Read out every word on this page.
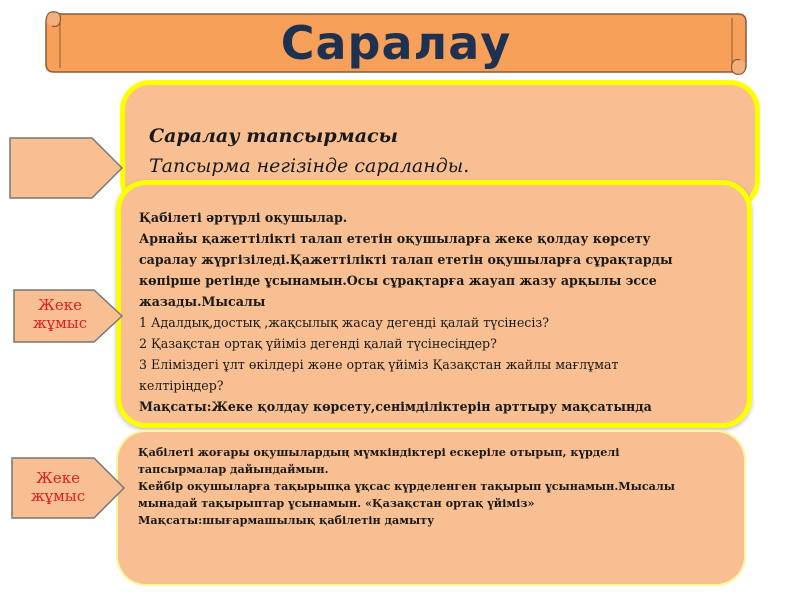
Саралау
Саралау тапсырмасы
Тапсырма негізінде сараланды.
Қабілеті әртүрлі оқушылар.
Арнайы қажеттілікті талап ететін оқушыларға жеке қолдау көрсету
саралау жүргізіледі.Қажеттілікті талап ететін оқушыларға сұрақтарды
көпірше ретінде ұсынамын.Осы сұрақтарға жауап жазу арқылы эссе
жазады.Мысалы
1 Адалдық,достық ,жақсылық жасау дегенді қалай түсінесіз?
2 Қазақстан ортақ үйіміз дегенді қалай түсінесіңдер?
3 Еліміздегі ұлт өкілдері және ортақ үйіміз Қазақстан жайлы мағлұмат
келтіріңдер?
Мақсаты:Жеке қолдау көрсету,сенімділіктерін арттыру мақсатында
Қабілеті жоғары оқушылардың мүмкіндіктері ескеріле отырып, күрделі
тапсырмалар дайындаймын.
Кейбір оқушыларға тақырыпқа ұқсас күрделенген тақырып ұсынамын.Мысалы
мынадай тақырыптар ұсынамын. «Қазақстан ортақ үйіміз»
Мақсаты:шығармашылық қабілетін дамыту
Жеке
жұмыс
Жеке
жұмыс
